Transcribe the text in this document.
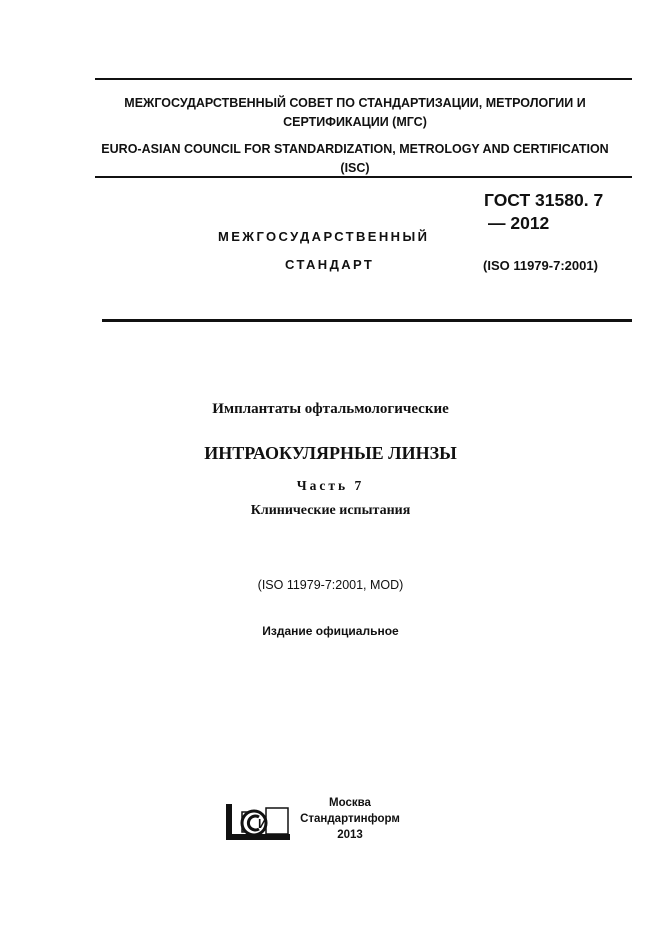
МЕЖГОСУДАРСТВЕННЫЙ СОВЕТ ПО СТАНДАРТИЗАЦИИ, МЕТРОЛОГИИ И СЕРТИФИКАЦИИ (МГС)

EURO-ASIAN COUNCIL FOR STANDARDIZATION, METROLOGY AND CERTIFICATION (ISC)

МЕЖГОСУДАРСТВЕННЫЙ

СТАНДАРТ

ГОСТ 31580. 7

— 2012

(ISO 11979-7:2001)

Имплантаты офтальмологические

ИНТРАОКУЛЯРНЫЕ ЛИНЗЫ

Часть 7

Клинические испытания

(ISO 11979-7:2001, MOD)

Издание официальное

И
Москва
Стандартинформ
2013
